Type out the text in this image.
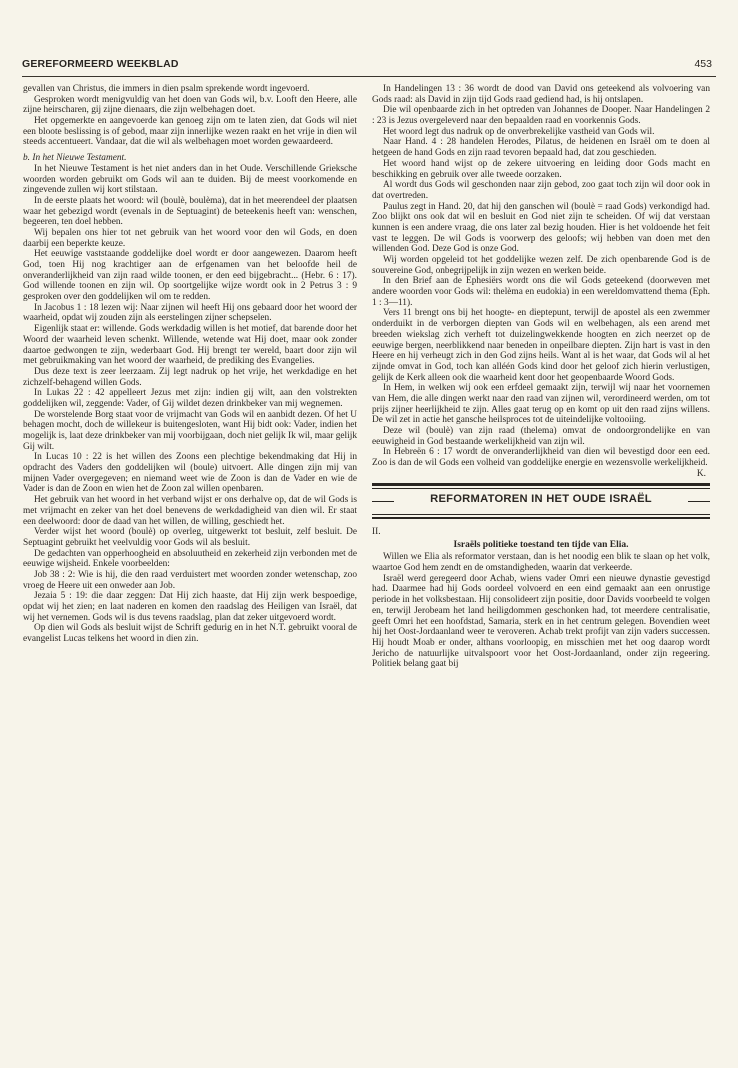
GEREFORMEERD WEEKBLAD	453

gevallen van Christus, die immers in dien psalm sprekende wordt ingevoerd.

Gesproken wordt menigvuldig van het doen van Gods wil, b.v. Looft den Heere, alle zijne heirscharen, gij zijne dienaars, die zijn welbehagen doet.

Het opgemerkte en aangevoerde kan genoeg zijn om te laten zien, dat Gods wil niet een bloote beslissing is of gebod, maar zijn innerlijke wezen raakt en het vrije in dien wil steeds accentueert. Vandaar, dat die wil als welbehagen moet worden gewaardeerd.

b. In het Nieuwe Testament.

In het Nieuwe Testament is het niet anders dan in het Oude. Verschillende Grieksche woorden worden gebruikt om Gods wil aan te duiden. Bij de meest voorkomende en zingevende zullen wij kort stilstaan.

In de eerste plaats het woord: wil (boulè, boulèma), dat in het meerendeel der plaatsen waar het gebezigd wordt (evenals in de Septuagint) de beteekenis heeft van: wenschen, begeeren, ten doel hebben.

Wij bepalen ons hier tot net gebruik van het woord voor den wil Gods, en doen daarbij een beperkte keuze.

Het eeuwige vaststaande goddelijke doel wordt er door aangewezen. Daarom heeft God, toen Hij nog krachtiger aan de erfgenamen van het beloofde heil de onveranderlijkheid van zijn raad wilde toonen, er den eed bijgebracht... (Hebr. 6 : 17). God willende toonen en zijn wil. Op soortgelijke wijze wordt ook in 2 Petrus 3 : 9 gesproken over den goddelijken wil om te redden.

In Jacobus 1 : 18 lezen wij: Naar zijnen wil heeft Hij ons gebaard door het woord der waarheid, opdat wij zouden zijn als eerstelingen zijner schepselen.

Eigenlijk staat er: willende. Gods werkdadig willen is het motief, dat barende door het Woord der waarheid leven schenkt. Willende, wetende wat Hij doet, maar ook zonder daartoe gedwongen te zijn, wederbaart God. Hij brengt ter wereld, baart door zijn wil met gebruikmaking van het woord der waarheid, de prediking des Evangelies.

Dus deze text is zeer leerzaam. Zij legt nadruk op het vrije, het werkdadige en het zichzelf-behagend willen Gods.

In Lukas 22 : 42 appelleert Jezus met zijn: indien gij wilt, aan den volstrekten goddelijken wil, zeggende: Vader, of Gij wildet dezen drinkbeker van mij wegnemen.

De worstelende Borg staat voor de vrijmacht van Gods wil en aanbidt dezen. Of het U behagen mocht, doch de willekeur is buitengesloten, want Hij bidt ook: Vader, indien het mogelijk is, laat deze drinkbeker van mij voorbijgaan, doch niet gelijk Ik wil, maar gelijk Gij wilt.

In Lucas 10 : 22 is het willen des Zoons een plechtige bekendmaking dat Hij in opdracht des Vaders den goddelijken wil (boule) uitvoert. Alle dingen zijn mij van mijnen Vader overgegeven; en niemand weet wie de Zoon is dan de Vader en wie de Vader is dan de Zoon en wien het de Zoon zal willen openbaren.

Het gebruik van het woord in het verband wijst er ons derhalve op, dat de wil Gods is met vrijmacht en zeker van het doel benevens de werkdadigheid van dien wil. Er staat een deelwoord: door de daad van het willen, de willing, geschiedt het.

Verder wijst het woord (boulè) op overleg, uitgewerkt tot besluit, zelf besluit. De Septuagint gebruikt het veelvuldig voor Gods wil als besluit.

De gedachten van opperhoogheid en absoluutheid en zekerheid zijn verbonden met de eeuwige wijsheid. Enkele voorbeelden:

Job 38 : 2: Wie is hij, die den raad verduistert met woorden zonder wetenschap, zoo vroeg de Heere uit een onweder aan Job.

Jezaia 5 : 19: die daar zeggen: Dat Hij zich haaste, dat Hij zijn werk bespoedige, opdat wij het zien; en laat naderen en komen den raadslag des Heiligen van Israël, dat wij het vernemen. Gods wil is dus tevens raadslag, plan dat zeker uitgevoerd wordt.

Op dien wil Gods als besluit wijst de Schrift gedurig en in het N.T. gebruikt vooral de evangelist Lucas telkens het woord in dien zin.

In Handelingen 13 : 36 wordt de dood van David ons geteekend als volvoering van Gods raad: als David in zijn tijd Gods raad gediend had, is hij ontslapen.

Die wil openbaarde zich in het optreden van Johannes de Dooper. Naar Handelingen 2 : 23 is Jezus overgeleverd naar den bepaalden raad en voorkennis Gods.

Het woord legt dus nadruk op de onverbrekelijke vastheid van Gods wil.

Naar Hand. 4 : 28 handelen Herodes, Pilatus, de heidenen en Israël om te doen al hetgeen de hand Gods en zijn raad tevoren bepaald had, dat zou geschieden.

Het woord hand wijst op de zekere uitvoering en leiding door Gods macht en beschikking en gebruik over alle tweede oorzaken.

Al wordt dus Gods wil geschonden naar zijn gebod, zoo gaat toch zijn wil door ook in dat overtreden.

Paulus zegt in Hand. 20, dat hij den ganschen wil (boulè = raad Gods) verkondigd had. Zoo blijkt ons ook dat wil en besluit en God niet zijn te scheiden. Of wij dat verstaan kunnen is een andere vraag, die ons later zal bezig houden. Hier is het voldoende het feit vast te leggen. De wil Gods is voorwerp des geloofs; wij hebben van doen met den willenden God. Deze God is onze God.

Wij worden opgeleid tot het goddelijke wezen zelf. De zich openbarende God is de souvereine God, onbegrijpelijk in zijn wezen en werken beide.

In den Brief aan de Ephesiërs wordt ons die wil Gods geteekend (doorweven met andere woorden voor Gods wil: thelèma en eudokia) in een wereldomvattend thema (Eph. 1 : 3—11).

Vers 11 brengt ons bij het hoogte- en dieptepunt, terwijl de apostel als een zwemmer onderduikt in de verborgen diepten van Gods wil en welbehagen, als een arend met breeden wiekslag zich verheft tot duizelingwekkende hoogten en zich neerzet op de eeuwige bergen, neerblikkend naar beneden in onpeilbare diepten. Zijn hart is vast in den Heere en hij verheugt zich in den God zijns heils. Want al is het waar, dat Gods wil al het zijnde omvat in God, toch kan alléén Gods kind door het geloof zich hierin verlustigen, gelijk de Kerk alleen ook die waarheid kent door het geopenbaarde Woord Gods.

In Hem, in welken wij ook een erfdeel gemaakt zijn, terwijl wij naar het voornemen van Hem, die alle dingen werkt naar den raad van zijnen wil, verordineerd werden, om tot prijs zijner heerlijkheid te zijn. Alles gaat terug op en komt op uit den raad zijns willens. De wil zet in actie het gansche heilsproces tot de uiteindelijke voltooiing.

Deze wil (boulè) van zijn raad (thelema) omvat de ondoorgrondelijke en van eeuwigheid in God bestaande werkelijkheid van zijn wil.

In Hebreën 6 : 17 wordt de onveranderlijkheid van dien wil bevestigd door een eed. Zoo is dan de wil Gods een volheid van goddelijke energie en wezensvolle werkelijkheid.

K.

REFORMATOREN IN HET OUDE ISRAËL

II.

Israëls politieke toestand ten tijde van Elia.

Willen we Elia als reformator verstaan, dan is het noodig een blik te slaan op het volk, waartoe God hem zendt en de omstandigheden, waarin dat verkeerde.

Israël werd geregeerd door Achab, wiens vader Omri een nieuwe dynastie gevestigd had. Daarmee had hij Gods oordeel volvoerd en een eind gemaakt aan een onrustige periode in het volksbestaan. Hij consolideert zijn positie, door Davids voorbeeld te volgen en, terwijl Jerobeam het land heiligdommen geschonken had, tot meerdere centralisatie, geeft Omri het een hoofdstad, Samaria, sterk en in het centrum gelegen. Bovendien weet hij het Oost-Jordaanland weer te veroveren. Achab trekt profijt van zijn vaders successen. Hij houdt Moab er onder, althans voorloopig, en misschien met het oog daarop wordt Jericho de natuurlijke uitvalspoort voor het Oost-Jordaanland, onder zijn regeering. Politiek belang gaat bij
